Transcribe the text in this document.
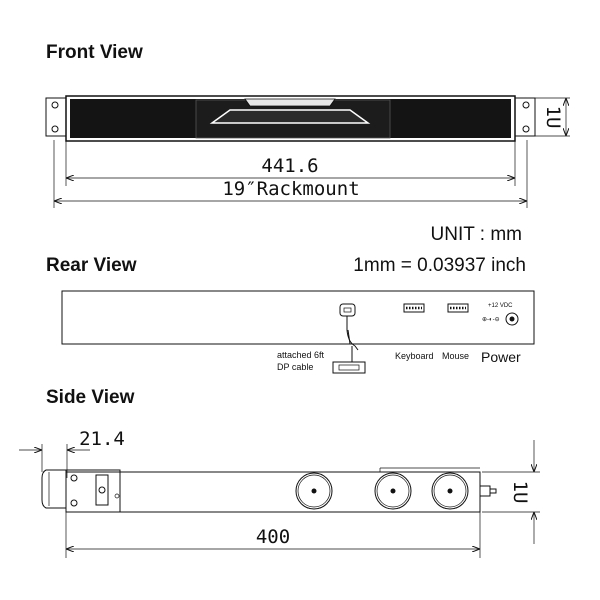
Front View
1U
441.6
19″Rackmount
UNIT : mm
1mm = 0.03937 inch
Rear View
attached 6ft
DP cable
Keyboard Mouse
+12 VDC
⊕-◐-⊖
Power
Side View
21.4
1U
400
